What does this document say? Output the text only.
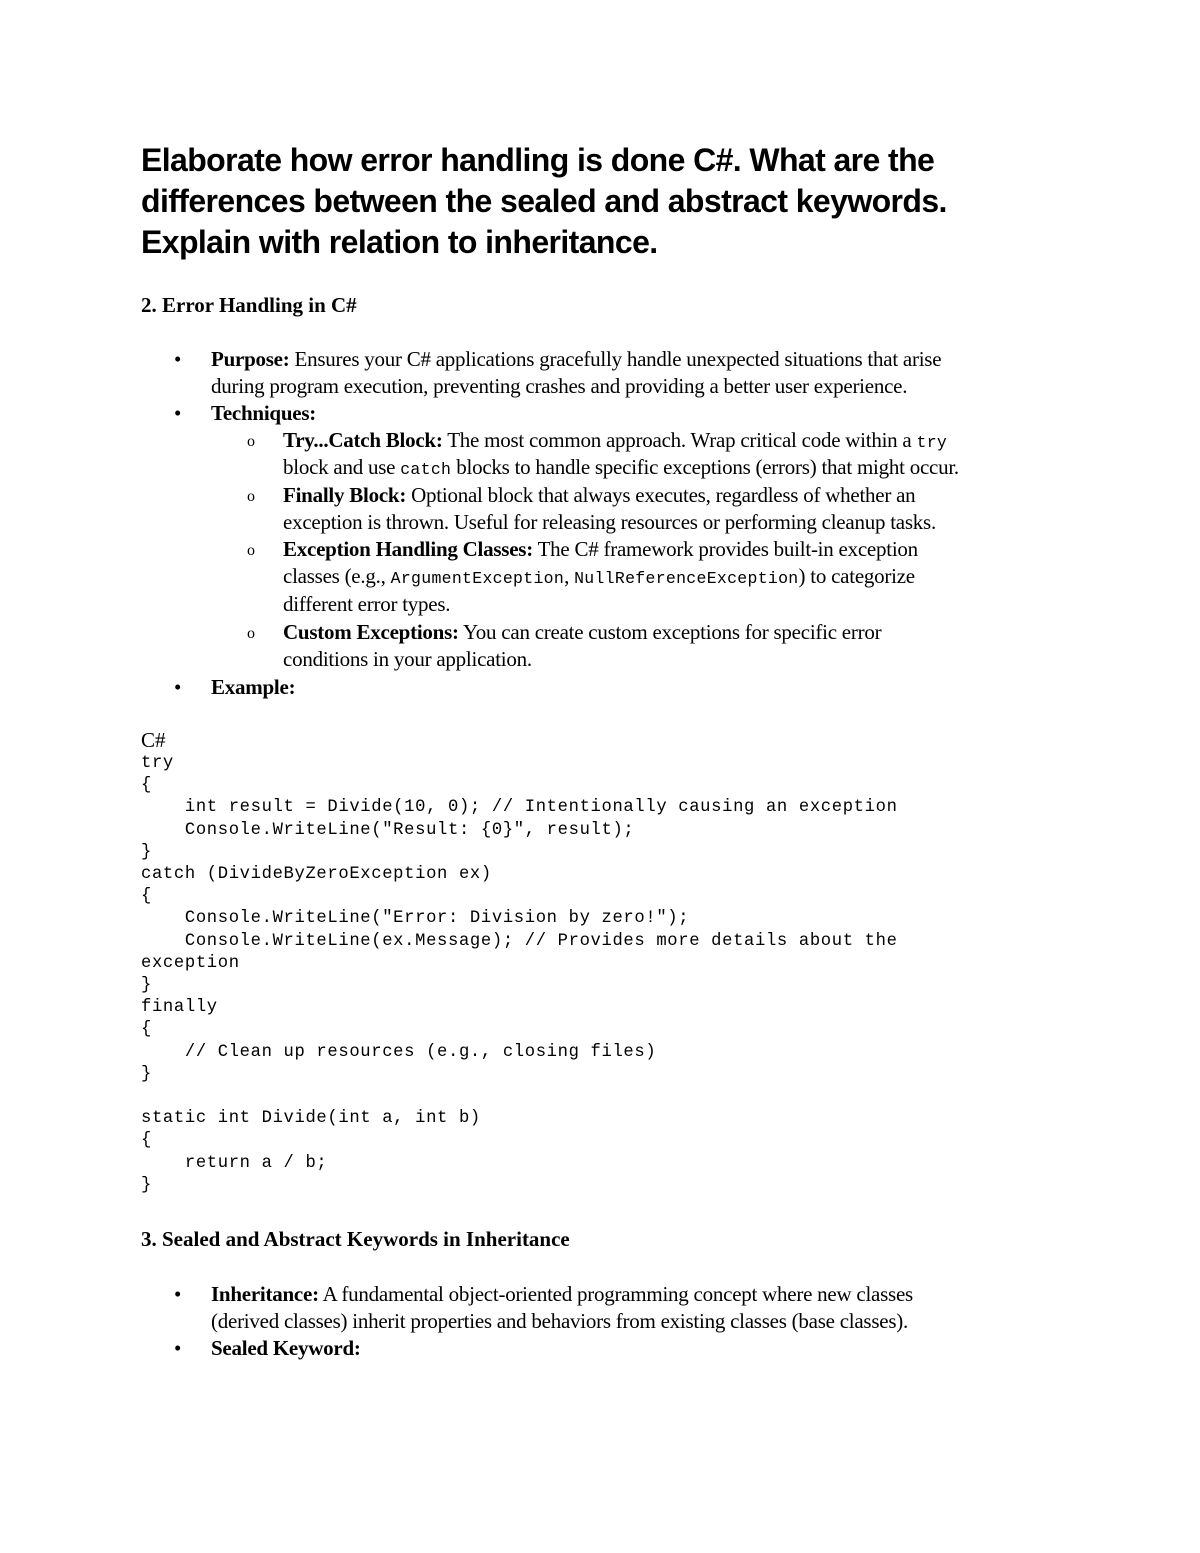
Elaborate how error handling is done C#. What are the
differences between the sealed and abstract keywords.
Explain with relation to inheritance.
2. Error Handling in C#
• Purpose: Ensures your C# applications gracefully handle unexpected situations that arise
during program execution, preventing crashes and providing a better user experience.
• Techniques:
o Try...Catch Block: The most common approach. Wrap critical code within a try
block and use catch blocks to handle specific exceptions (errors) that might occur.
o Finally Block: Optional block that always executes, regardless of whether an
exception is thrown. Useful for releasing resources or performing cleanup tasks.
o Exception Handling Classes: The C# framework provides built-in exception
classes (e.g., ArgumentException, NullReferenceException) to categorize
different error types.
o Custom Exceptions: You can create custom exceptions for specific error
conditions in your application.
• Example:
C#
try
{
int result = Divide(10, 0); // Intentionally causing an exception
Console.WriteLine("Result: {0}", result);
}
catch (DivideByZeroException ex)
{
Console.WriteLine("Error: Division by zero!");
Console.WriteLine(ex.Message); // Provides more details about the
exception
}
finally
{
// Clean up resources (e.g., closing files)
}

static int Divide(int a, int b)
{
return a / b;
}
3. Sealed and Abstract Keywords in Inheritance
• Inheritance: A fundamental object-oriented programming concept where new classes
(derived classes) inherit properties and behaviors from existing classes (base classes).
• Sealed Keyword:
